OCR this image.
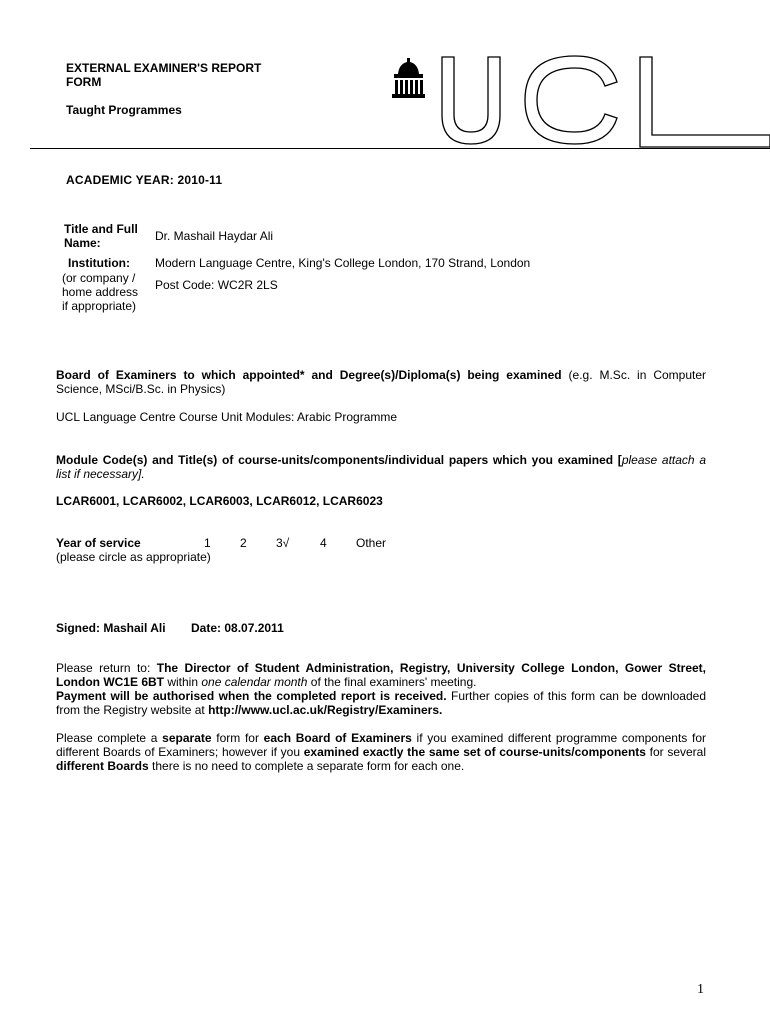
EXTERNAL EXAMINER'S REPORT FORM
Taught Programmes
ACADEMIC YEAR: 2010-11
Title and Full Name:	Dr. Mashail Haydar Ali
Institution:
(or company / home address if appropriate)
Modern Language Centre, King's College London, 170 Strand, London
Post Code: WC2R 2LS
Board of Examiners to which appointed* and Degree(s)/Diploma(s) being examined (e.g. M.Sc. in Computer Science, MSci/B.Sc. in Physics)
UCL Language Centre Course Unit Modules: Arabic Programme
Module Code(s) and Title(s) of course-units/components/individual papers which you examined [please attach a list if necessary].
LCAR6001, LCAR6002, LCAR6003, LCAR6012, LCAR6023
Year of service
(please circle as appropriate)
1 2 3√	4 Other
Signed: Mashail Ali Date: 08.07.2011
Please return to: The Director of Student Administration, Registry, University College London, Gower Street, London WC1E 6BT within one calendar month of the final examiners' meeting.
Payment will be authorised when the completed report is received. Further copies of this form can be downloaded from the Registry website at http://www.ucl.ac.uk/Registry/Examiners.
Please complete a separate form for each Board of Examiners if you examined different programme components for different Boards of Examiners; however if you examined exactly the same set of course-units/components for several different Boards there is no need to complete a separate form for each one.
1
